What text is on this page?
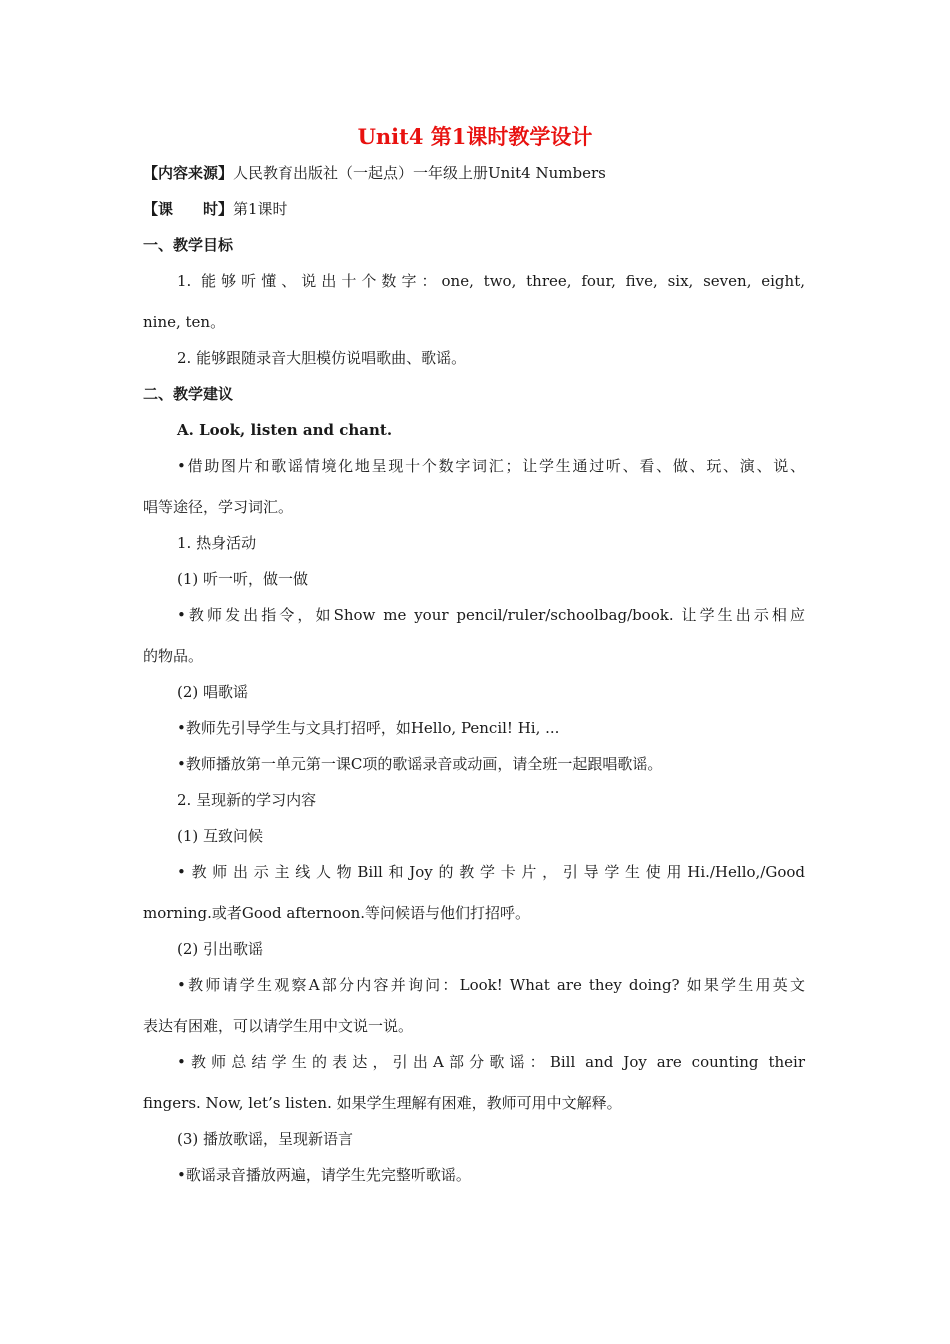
Unit4 第1课时教学设计
【内容来源】人民教育出版社（一起点）一年级上册Unit4 Numbers
【课　　时】第1课时
一、教学目标
1. 能够听懂、说出十个数字：one, two, three, four, five, six, seven, eight,
nine, ten。
2. 能够跟随录音大胆模仿说唱歌曲、歌谣。
二、教学建议
A. Look, listen and chant.
•借助图片和歌谣情境化地呈现十个数字词汇；让学生通过听、看、做、玩、演、说、
唱等途径，学习词汇。
1. 热身活动
(1) 听一听，做一做
•教师发出指令，如Show me your pencil/ruler/schoolbag/book. 让学生出示相应
的物品。
(2) 唱歌谣
•教师先引导学生与文具打招呼，如Hello, Pencil! Hi, ...
•教师播放第一单元第一课C项的歌谣录音或动画，请全班一起跟唱歌谣。
2. 呈现新的学习内容
(1) 互致问候
•教师出示主线人物Bill和Joy的教学卡片，引导学生使用Hi./Hello,/Good
morning.或者Good afternoon.等问候语与他们打招呼。
(2) 引出歌谣
•教师请学生观察A部分内容并询问：Look! What are they doing? 如果学生用英文
表达有困难，可以请学生用中文说一说。
•教师总结学生的表达，引出A部分歌谣：Bill and Joy are counting their
fingers. Now, let’s listen. 如果学生理解有困难，教师可用中文解释。
(3) 播放歌谣，呈现新语言
•歌谣录音播放两遍，请学生先完整听歌谣。
